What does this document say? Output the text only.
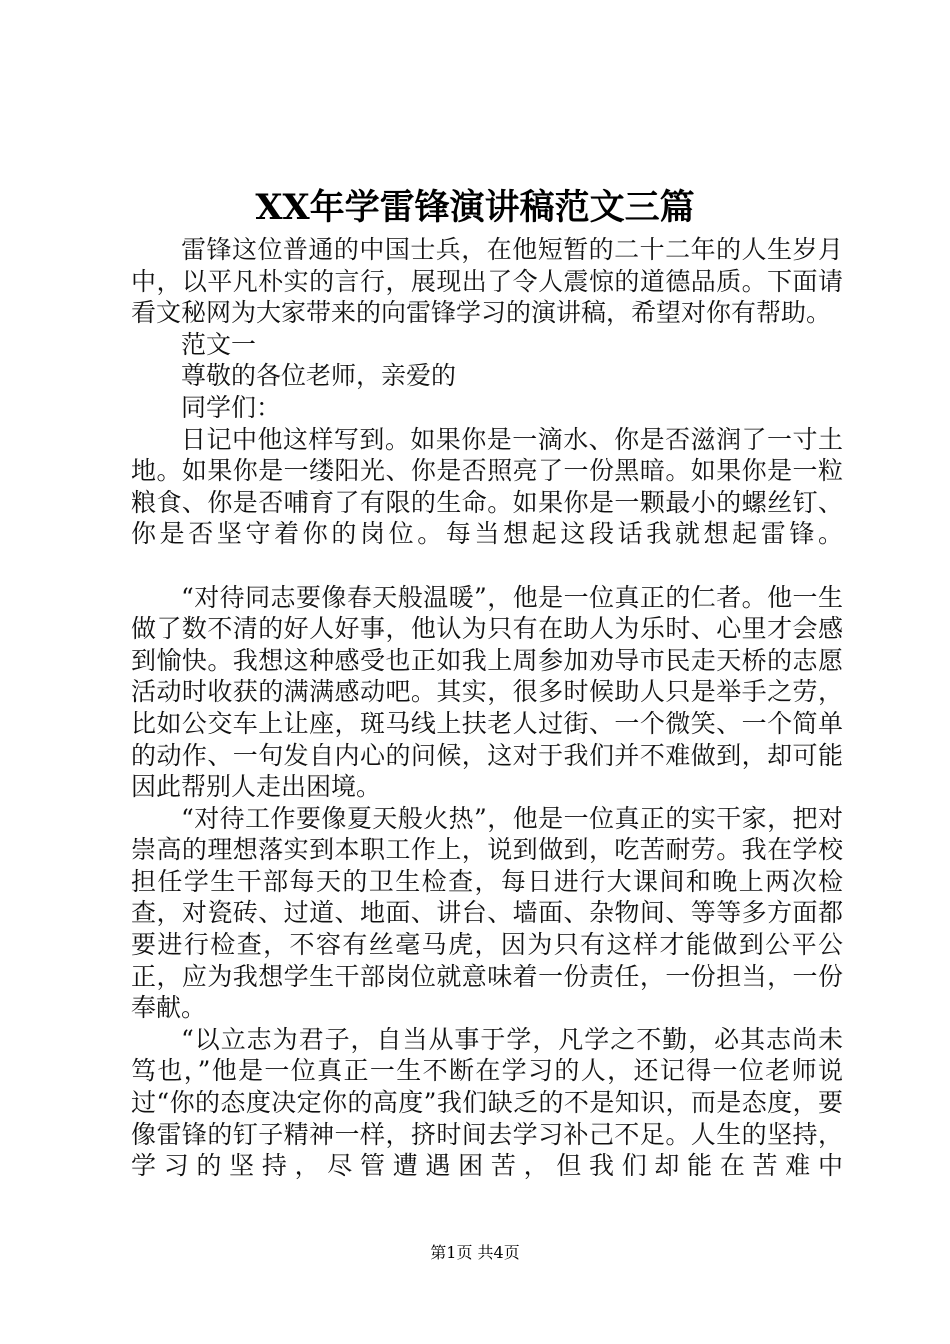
XX年学雷锋演讲稿范文三篇

雷锋这位普通的中国士兵，在他短暂的二十二年的人生岁月中，以平凡朴实的言行，展现出了令人震惊的道德品质。下面请看文秘网为大家带来的向雷锋学习的演讲稿，希望对你有帮助。

范文一

尊敬的各位老师，亲爱的

同学们：

日记中他这样写到。如果你是一滴水、你是否滋润了一寸土地。如果你是一缕阳光、你是否照亮了一份黑暗。如果你是一粒粮食、你是否哺育了有限的生命。如果你是一颗最小的螺丝钉、你是否坚守着你的岗位。每当想起这段话我就想起雷锋。

“对待同志要像春天般温暖”，他是一位真正的仁者。他一生做了数不清的好人好事，他认为只有在助人为乐时、心里才会感到愉快。我想这种感受也正如我上周参加劝导市民走天桥的志愿活动时收获的满满感动吧。其实，很多时候助人只是举手之劳，比如公交车上让座，斑马线上扶老人过街、一个微笑、一个简单的动作、一句发自内心的问候，这对于我们并不难做到，却可能因此帮别人走出困境。

“对待工作要像夏天般火热”，他是一位真正的实干家，把对崇高的理想落实到本职工作上，说到做到，吃苦耐劳。我在学校担任学生干部每天的卫生检查，每日进行大课间和晚上两次检查，对瓷砖、过道、地面、讲台、墙面、杂物间、等等多方面都要进行检查，不容有丝毫马虎，因为只有这样才能做到公平公正，应为我想学生干部岗位就意味着一份责任，一份担当，一份奉献。

“以立志为君子，自当从事于学，凡学之不勤，必其志尚未笃也，”他是一位真正一生不断在学习的人，还记得一位老师说过“你的态度决定你的高度”我们缺乏的不是知识，而是态度，要像雷锋的钉子精神一样，挤时间去学习补己不足。人生的坚持，学习的坚持，尽管遭遇困苦，但我们却能在苦难中

第1页 共4页
